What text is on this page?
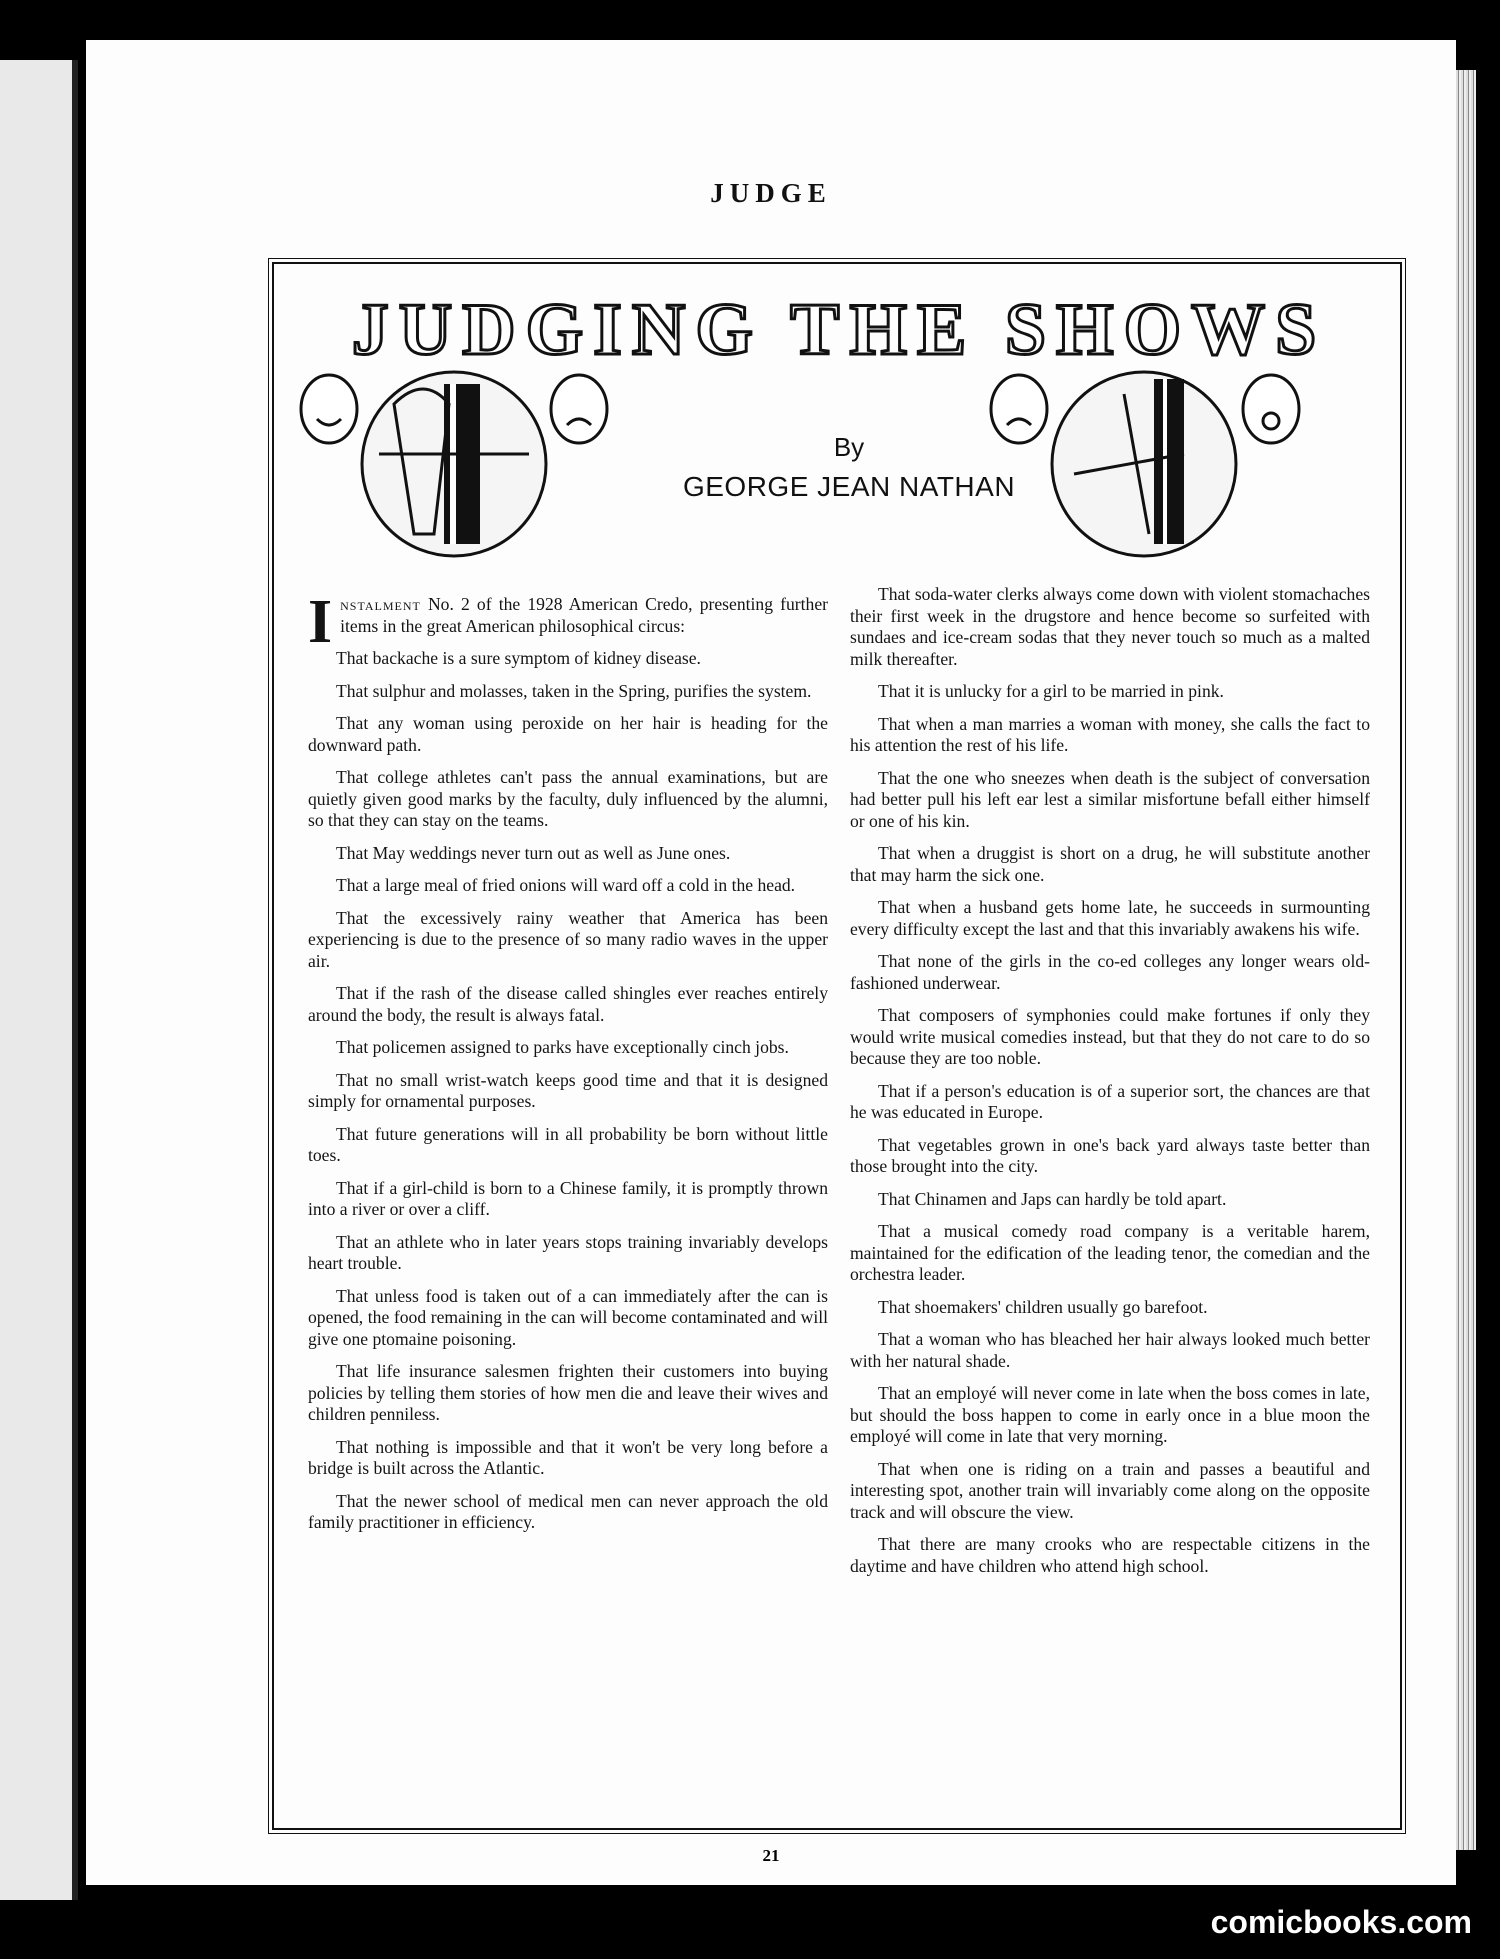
JUDGE
JUDGING THE SHOWS
By
GEORGE JEAN NATHAN

Instalment No. 2 of the 1928 American Credo, presenting further items in the great American philosophical circus:

That backache is a sure symptom of kidney disease.

That sulphur and molasses, taken in the Spring, purifies the system.

That any woman using peroxide on her hair is heading for the downward path.

That college athletes can't pass the annual examinations, but are quietly given good marks by the faculty, duly influenced by the alumni, so that they can stay on the teams.

That May weddings never turn out as well as June ones.

That a large meal of fried onions will ward off a cold in the head.

That the excessively rainy weather that America has been experiencing is due to the presence of so many radio waves in the upper air.

That if the rash of the disease called shingles ever reaches entirely around the body, the result is always fatal.

That policemen assigned to parks have exceptionally cinch jobs.

That no small wrist-watch keeps good time and that it is designed simply for ornamental purposes.

That future generations will in all probability be born without little toes.

That if a girl-child is born to a Chinese family, it is promptly thrown into a river or over a cliff.

That an athlete who in later years stops training invariably develops heart trouble.

That unless food is taken out of a can immediately after the can is opened, the food remaining in the can will become contaminated and will give one ptomaine poisoning.

That life insurance salesmen frighten their customers into buying policies by telling them stories of how men die and leave their wives and children penniless.

That nothing is impossible and that it won't be very long before a bridge is built across the Atlantic.

That the newer school of medical men can never approach the old family practitioner in efficiency.

That soda-water clerks always come down with violent stomachaches their first week in the drugstore and hence become so surfeited with sundaes and ice-cream sodas that they never touch so much as a malted milk thereafter.

That it is unlucky for a girl to be married in pink.

That when a man marries a woman with money, she calls the fact to his attention the rest of his life.

That the one who sneezes when death is the subject of conversation had better pull his left ear lest a similar misfortune befall either himself or one of his kin.

That when a druggist is short on a drug, he will substitute another that may harm the sick one.

That when a husband gets home late, he succeeds in surmounting every difficulty except the last and that this invariably awakens his wife.

That none of the girls in the co-ed colleges any longer wears old-fashioned underwear.

That composers of symphonies could make fortunes if only they would write musical comedies instead, but that they do not care to do so because they are too noble.

That if a person's education is of a superior sort, the chances are that he was educated in Europe.

That vegetables grown in one's back yard always taste better than those brought into the city.

That Chinamen and Japs can hardly be told apart.

That a musical comedy road company is a veritable harem, maintained for the edification of the leading tenor, the comedian and the orchestra leader.

That shoemakers' children usually go barefoot.

That a woman who has bleached her hair always looked much better with her natural shade.

That an employé will never come in late when the boss comes in late, but should the boss happen to come in early once in a blue moon the employé will come in late that very morning.

That when one is riding on a train and passes a beautiful and interesting spot, another train will invariably come along on the opposite track and will obscure the view.

That there are many crooks who are respectable citizens in the daytime and have children who attend high school.

21
comicbooks.com
